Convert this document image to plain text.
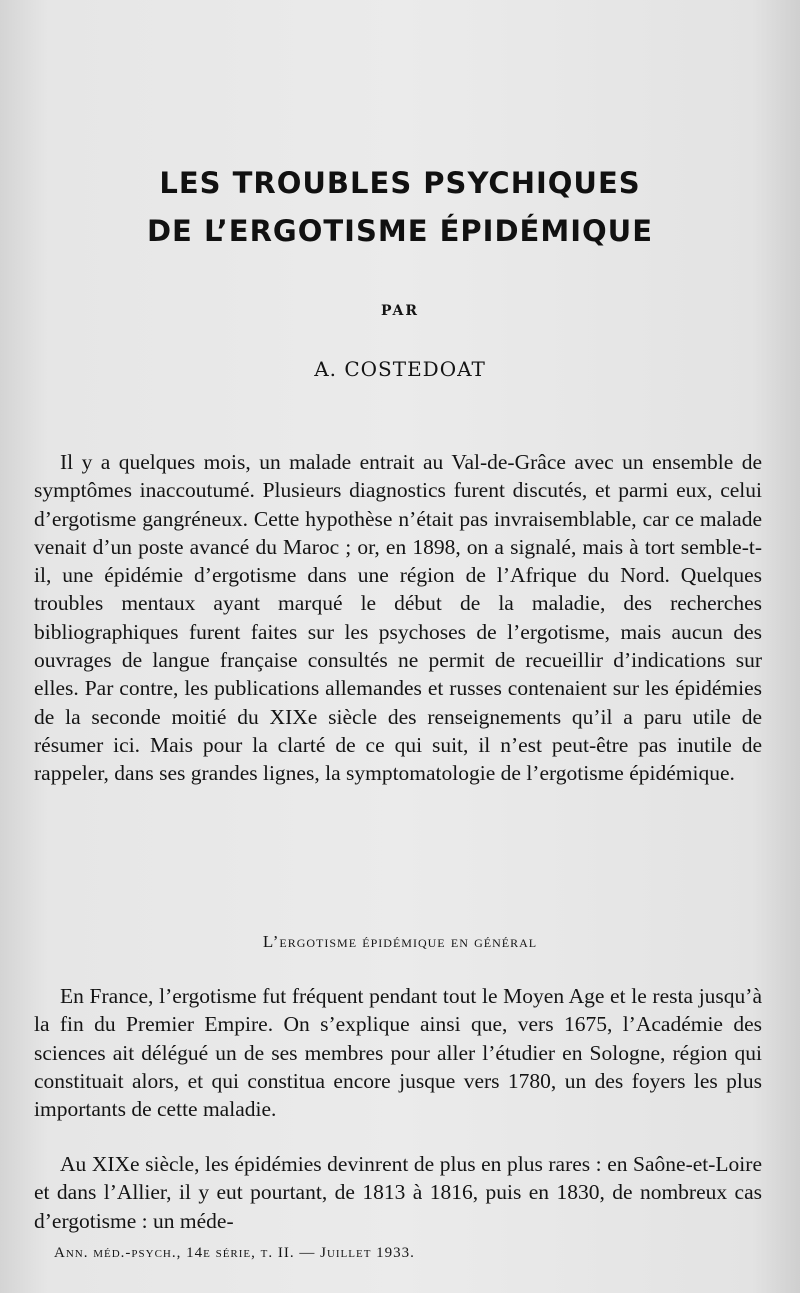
LES TROUBLES PSYCHIQUES
DE L’ERGOTISME ÉPIDÉMIQUE
PAR
A. COSTEDOAT

Il y a quelques mois, un malade entrait au Val-de-Grâce avec un ensemble de symptômes inaccoutumé. Plusieurs diagnostics furent discutés, et parmi eux, celui d’ergotisme gangréneux. Cette hypothèse n’était pas invraisemblable, car ce malade venait d’un poste avancé du Maroc ; or, en 1898, on a signalé, mais à tort semble-t-il, une épidémie d’ergotisme dans une région de l’Afrique du Nord. Quelques troubles mentaux ayant marqué le début de la maladie, des recherches bibliographiques furent faites sur les psychoses de l’ergotisme, mais aucun des ouvrages de langue française consultés ne permit de recueillir d’indications sur elles. Par contre, les publications allemandes et russes contenaient sur les épidémies de la seconde moitié du XIXe siècle des renseignements qu’il a paru utile de résumer ici. Mais pour la clarté de ce qui suit, il n’est peut-être pas inutile de rappeler, dans ses grandes lignes, la symptomatologie de l’ergotisme épidémique.

L’ergotisme épidémique en général

En France, l’ergotisme fut fréquent pendant tout le Moyen Age et le resta jusqu’à la fin du Premier Empire. On s’explique ainsi que, vers 1675, l’Académie des sciences ait délégué un de ses membres pour aller l’étudier en Sologne, région qui constituait alors, et qui constitua encore jusque vers 1780, un des foyers les plus importants de cette maladie.

Au XIXe siècle, les épidémies devinrent de plus en plus rares : en Saône-et-Loire et dans l’Allier, il y eut pourtant, de 1813 à 1816, puis en 1830, de nombreux cas d’ergotisme : un méde-

Ann. méd.-psych., 14e série, t. II. — Juillet 1933.
